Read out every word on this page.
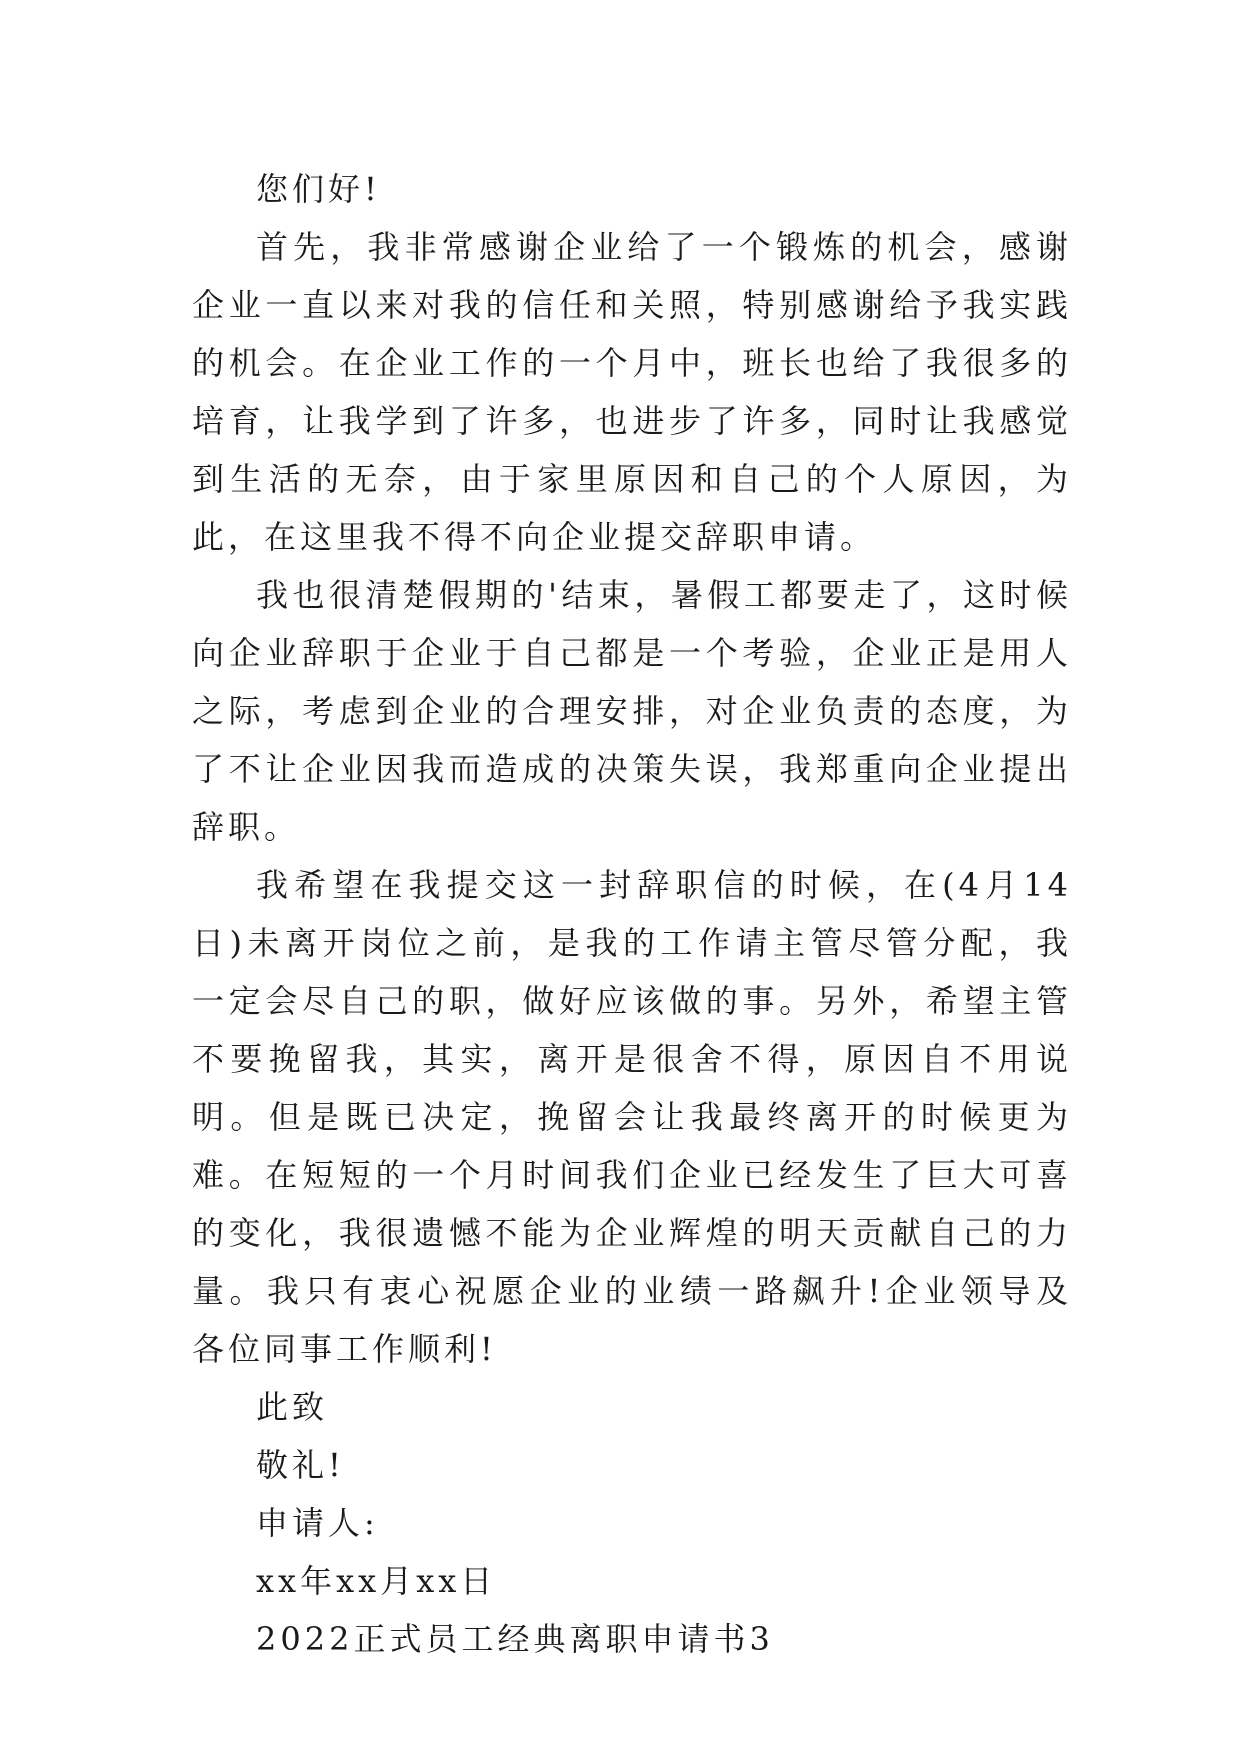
您们好!

首先，我非常感谢企业给了一个锻炼的机会，感谢企业一直以来对我的信任和关照，特别感谢给予我实践的机会。在企业工作的一个月中，班长也给了我很多的培育，让我学到了许多，也进步了许多，同时让我感觉到生活的无奈，由于家里原因和自己的个人原因，为此，在这里我不得不向企业提交辞职申请。

我也很清楚假期的'结束，暑假工都要走了，这时候向企业辞职于企业于自己都是一个考验，企业正是用人之际，考虑到企业的合理安排，对企业负责的态度，为了不让企业因我而造成的决策失误，我郑重向企业提出辞职。

我希望在我提交这一封辞职信的时候，在(4月14日)未离开岗位之前，是我的工作请主管尽管分配，我一定会尽自己的职，做好应该做的事。另外，希望主管不要挽留我，其实，离开是很舍不得，原因自不用说明。但是既已决定，挽留会让我最终离开的时候更为难。在短短的一个月时间我们企业已经发生了巨大可喜的变化，我很遗憾不能为企业辉煌的明天贡献自己的力量。我只有衷心祝愿企业的业绩一路飙升!企业领导及各位同事工作顺利!

此致

敬礼!

申请人:

xx年xx月xx日

2022正式员工经典离职申请书3
